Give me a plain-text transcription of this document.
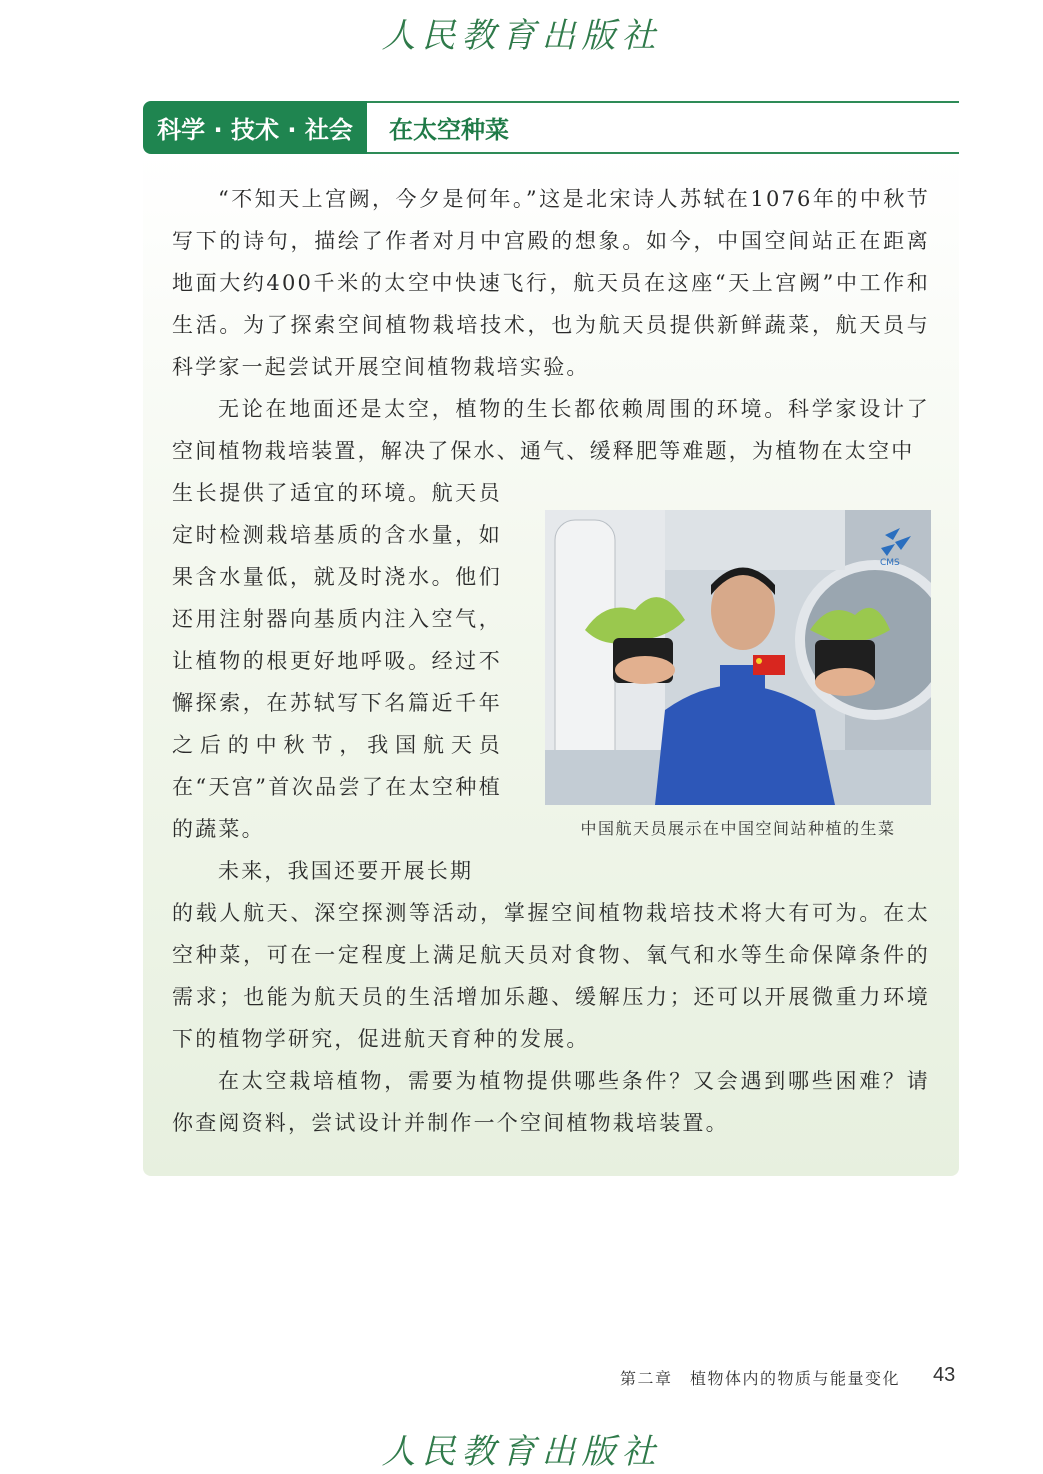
人民教育出版社
科学 · 技术 · 社会	在太空种菜

“不知天上宫阙，今夕是何年。”这是北宋诗人苏轼在1076年的中秋节写下的诗句，描绘了作者对月中宫殿的想象。如今，中国空间站正在距离地面大约400千米的太空中快速飞行，航天员在这座“天上宫阙”中工作和生活。为了探索空间植物栽培技术，也为航天员提供新鲜蔬菜，航天员与科学家一起尝试开展空间植物栽培实验。

无论在地面还是太空，植物的生长都依赖周围的环境。科学家设计了空间植物栽培装置，解决了保水、通气、缓释肥等难题，为植物在太空中

生长提供了适宜的环境。航天员定时检测栽培基质的含水量，如果含水量低，就及时浇水。他们还用注射器向基质内注入空气，让植物的根更好地呼吸。经过不懈探索，在苏轼写下名篇近千年之后的中秋节，我国航天员在“天宫”首次品尝了在太空种植的蔬菜。

CMS
中国航天员展示在中国空间站种植的生菜

未来，我国还要开展长期

的载人航天、深空探测等活动，掌握空间植物栽培技术将大有可为。在太空种菜，可在一定程度上满足航天员对食物、氧气和水等生命保障条件的需求；也能为航天员的生活增加乐趣、缓解压力；还可以开展微重力环境下的植物学研究，促进航天育种的发展。

在太空栽培植物，需要为植物提供哪些条件？又会遇到哪些困难？请你查阅资料，尝试设计并制作一个空间植物栽培装置。

第二章　植物体内的物质与能量变化 43
人民教育出版社
